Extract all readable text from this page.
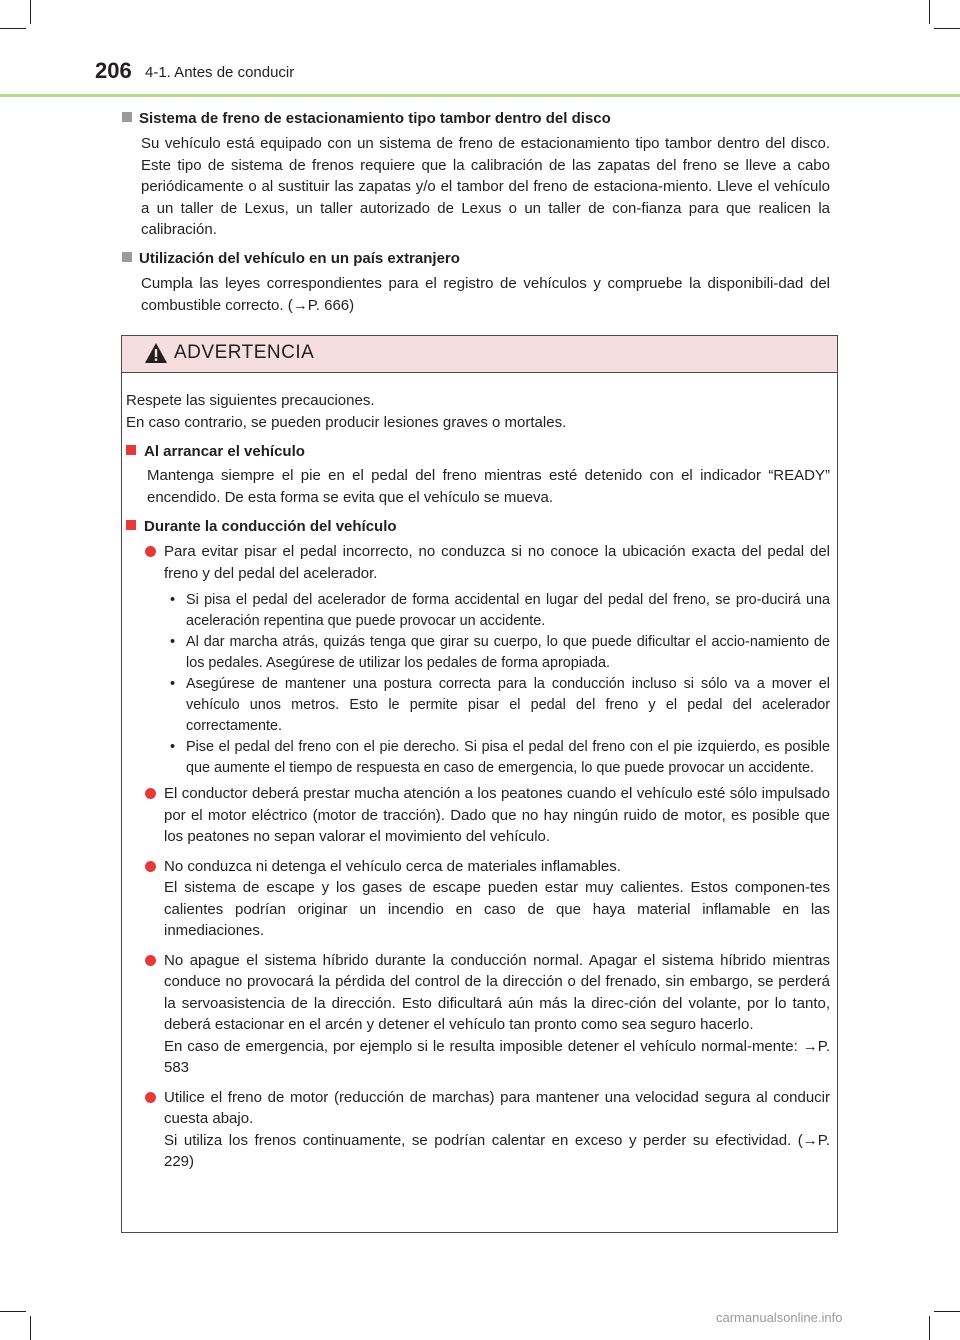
206 4-1. Antes de conducir
Sistema de freno de estacionamiento tipo tambor dentro del disco
Su vehículo está equipado con un sistema de freno de estacionamiento tipo tambor dentro del disco. Este tipo de sistema de frenos requiere que la calibración de las zapatas del freno se lleve a cabo periódicamente o al sustituir las zapatas y/o el tambor del freno de estaciona-miento. Lleve el vehículo a un taller de Lexus, un taller autorizado de Lexus o un taller de con-fianza para que realicen la calibración.
Utilización del vehículo en un país extranjero
Cumpla las leyes correspondientes para el registro de vehículos y compruebe la disponibili-dad del combustible correcto. (→P. 666)
ADVERTENCIA

Respete las siguientes precauciones.

En caso contrario, se pueden producir lesiones graves o mortales.

Al arrancar el vehículo
Mantenga siempre el pie en el pedal del freno mientras esté detenido con el indicador “READY” encendido. De esta forma se evita que el vehículo se mueva.
Durante la conducción del vehículo

Para evitar pisar el pedal incorrecto, no conduzca si no conoce la ubicación exacta del pedal del freno y del pedal del acelerador.

• Si pisa el pedal del acelerador de forma accidental en lugar del pedal del freno, se pro-ducirá una aceleración repentina que puede provocar un accidente.
• Al dar marcha atrás, quizás tenga que girar su cuerpo, lo que puede dificultar el accio-namiento de los pedales. Asegúrese de utilizar los pedales de forma apropiada.
• Asegúrese de mantener una postura correcta para la conducción incluso si sólo va a mover el vehículo unos metros. Esto le permite pisar el pedal del freno y el pedal del acelerador correctamente.
• Pise el pedal del freno con el pie derecho. Si pisa el pedal del freno con el pie izquierdo, es posible que aumente el tiempo de respuesta en caso de emergencia, lo que puede provocar un accidente.

El conductor deberá prestar mucha atención a los peatones cuando el vehículo esté sólo impulsado por el motor eléctrico (motor de tracción). Dado que no hay ningún ruido de motor, es posible que los peatones no sepan valorar el movimiento del vehículo.

No conduzca ni detenga el vehículo cerca de materiales inflamables.

El sistema de escape y los gases de escape pueden estar muy calientes. Estos componen-tes calientes podrían originar un incendio en caso de que haya material inflamable en las inmediaciones.

No apague el sistema híbrido durante la conducción normal. Apagar el sistema híbrido mientras conduce no provocará la pérdida del control de la dirección o del frenado, sin embargo, se perderá la servoasistencia de la dirección. Esto dificultará aún más la direc-ción del volante, por lo tanto, deberá estacionar en el arcén y detener el vehículo tan pronto como sea seguro hacerlo.

En caso de emergencia, por ejemplo si le resulta imposible detener el vehículo normal-mente: →P. 583

Utilice el freno de motor (reducción de marchas) para mantener una velocidad segura al conducir cuesta abajo.

Si utiliza los frenos continuamente, se podrían calentar en exceso y perder su efectividad. (→P. 229)

carmanualsonline.info
